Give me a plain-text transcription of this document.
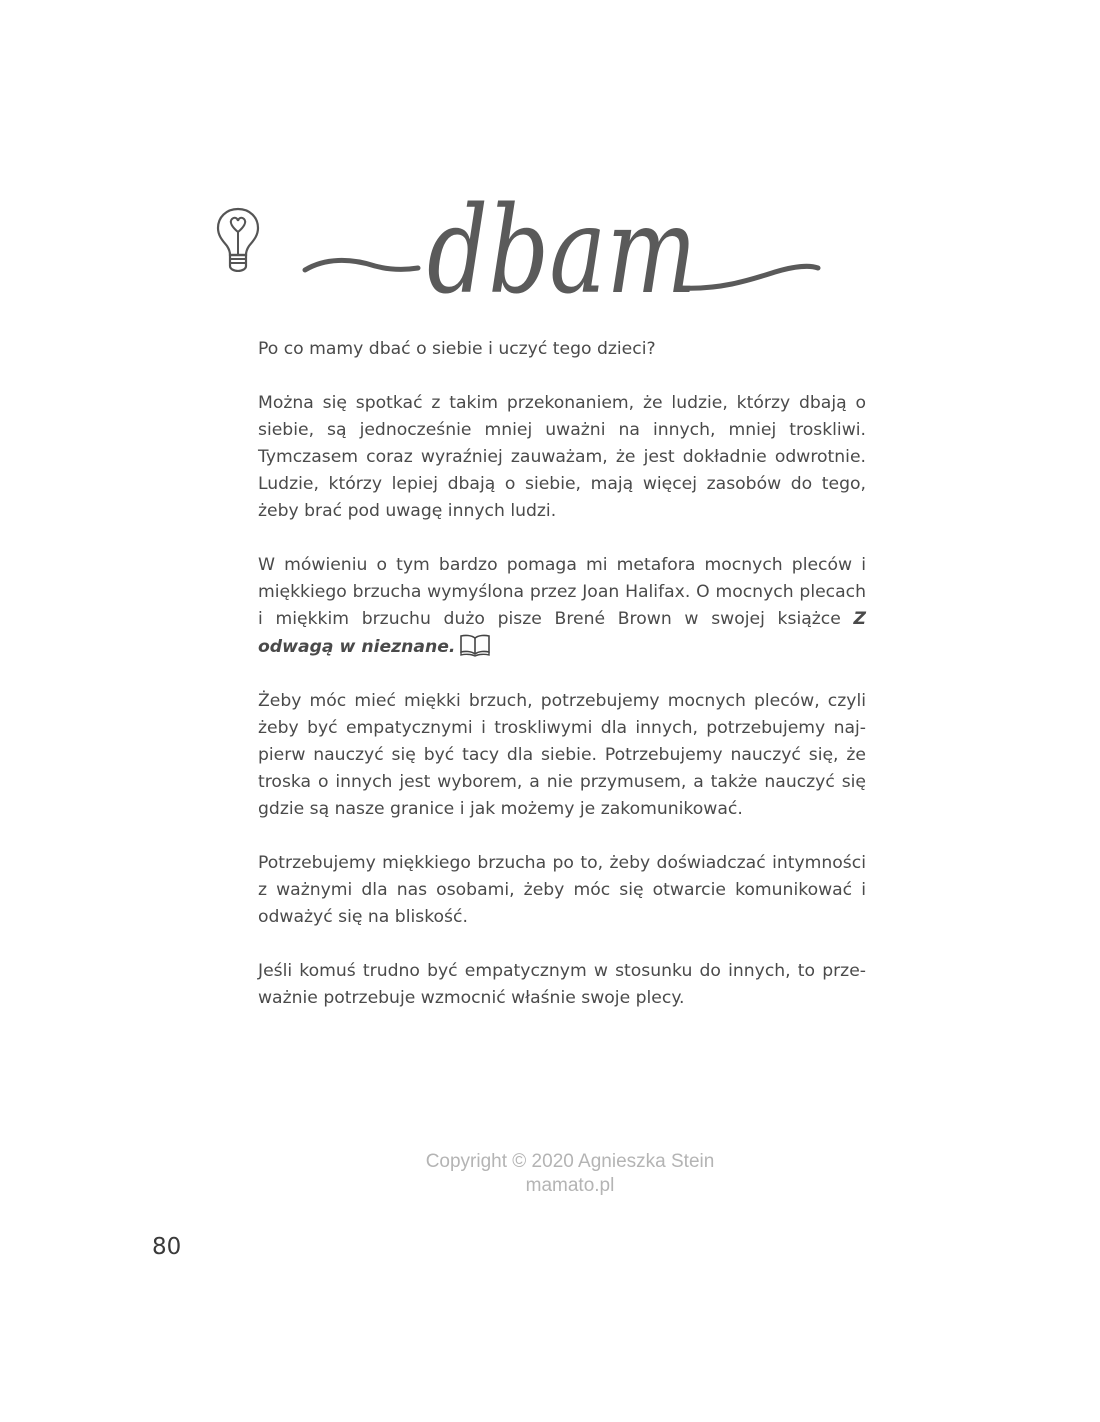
dbam

Po co mamy dbać o siebie i uczyć tego dzieci?

Można się spotkać z takim przekonaniem, że ludzie, którzy dbają o siebie, są jednocześnie mniej uważni na innych, mniej troskliwi. Tymczasem coraz wyraźniej zauważam, że jest dokładnie odwrotnie. Ludzie, którzy lepiej dbają o siebie, mają więcej zasobów do tego, żeby brać pod uwagę innych ludzi.

W mówieniu o tym bardzo pomaga mi metafora mocnych pleców i miękkiego brzucha wymyślona przez Joan Halifax. O mocnych plecach i miękkim brzuchu dużo pisze Brené Brown w swojej książce Z odwagą w nieznane.

Żeby móc mieć miękki brzuch, potrzebujemy mocnych pleców, czyli żeby być empatycznymi i troskliwymi dla innych, potrzebujemy najpierw nauczyć się być tacy dla siebie. Potrzebujemy nauczyć się, że troska o innych jest wyborem, a nie przymusem, a także nauczyć się gdzie są nasze granice i jak możemy je zakomunikować.

Potrzebujemy miękkiego brzucha po to, żeby doświadczać intymności z ważnymi dla nas osobami, żeby móc się otwarcie komunikować i odważyć się na bliskość.

Jeśli komuś trudno być empatycznym w stosunku do innych, to przeważnie potrzebuje wzmocnić właśnie swoje plecy.

Copyright © 2020 Agnieszka Stein
mamato.pl
80
